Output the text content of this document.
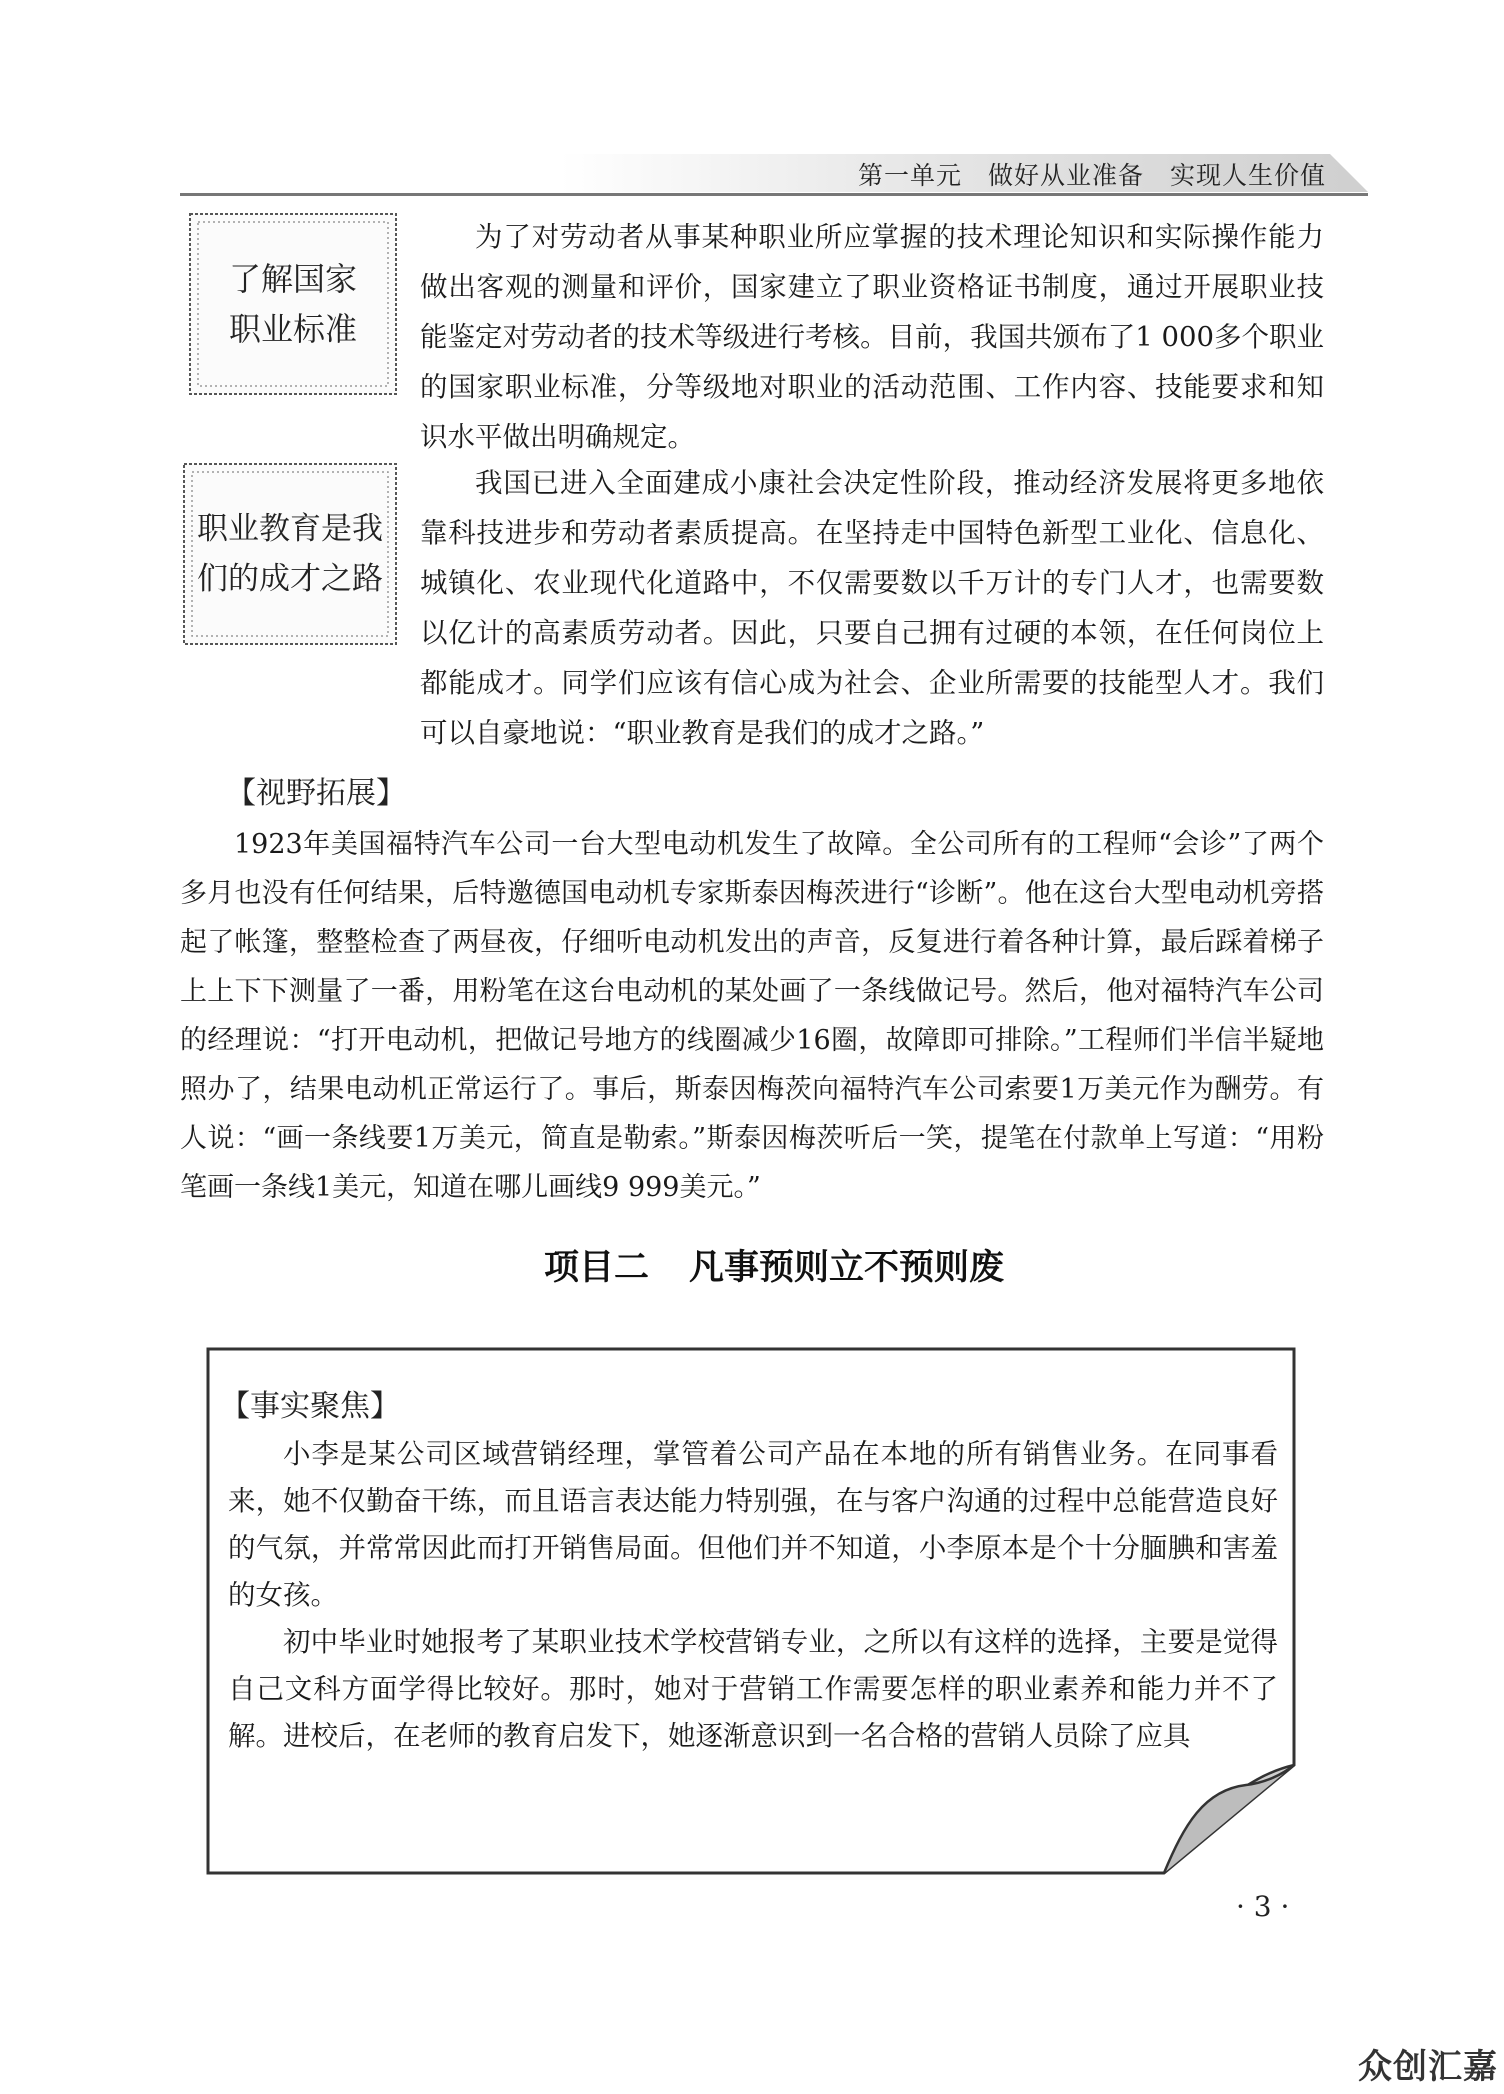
第一单元　做好从业准备　实现人生价值
了解国家
职业标准

为了对劳动者从事某种职业所应掌握的技术理论知识和实际操作能力做出客观的测量和评价，国家建立了职业资格证书制度，通过开展职业技能鉴定对劳动者的技术等级进行考核。目前，我国共颁布了1 000多个职业的国家职业标准，分等级地对职业的活动范围、工作内容、技能要求和知识水平做出明确规定。

职业教育是我
们的成才之路

我国已进入全面建成小康社会决定性阶段，推动经济发展将更多地依靠科技进步和劳动者素质提高。在坚持走中国特色新型工业化、信息化、城镇化、农业现代化道路中，不仅需要数以千万计的专门人才，也需要数以亿计的高素质劳动者。因此，只要自己拥有过硬的本领，在任何岗位上都能成才。同学们应该有信心成为社会、企业所需要的技能型人才。我们可以自豪地说：“职业教育是我们的成才之路。”

【视野拓展】

1923年美国福特汽车公司一台大型电动机发生了故障。全公司所有的工程师“会诊”了两个多月也没有任何结果，后特邀德国电动机专家斯泰因梅茨进行“诊断”。他在这台大型电动机旁搭起了帐篷，整整检查了两昼夜，仔细听电动机发出的声音，反复进行着各种计算，最后踩着梯子上上下下测量了一番，用粉笔在这台电动机的某处画了一条线做记号。然后，他对福特汽车公司的经理说：“打开电动机，把做记号地方的线圈减少16圈，故障即可排除。”工程师们半信半疑地照办了，结果电动机正常运行了。事后，斯泰因梅茨向福特汽车公司索要1万美元作为酬劳。有人说：“画一条线要1万美元，简直是勒索。”斯泰因梅茨听后一笑，提笔在付款单上写道：“用粉笔画一条线1美元，知道在哪儿画线9 999美元。”

项目二 凡事预则立不预则废
【事实聚焦】

小李是某公司区域营销经理，掌管着公司产品在本地的所有销售业务。在同事看来，她不仅勤奋干练，而且语言表达能力特别强，在与客户沟通的过程中总能营造良好的气氛，并常常因此而打开销售局面。但他们并不知道，小李原本是个十分腼腆和害羞的女孩。

初中毕业时她报考了某职业技术学校营销专业，之所以有这样的选择，主要是觉得自己文科方面学得比较好。那时，她对于营销工作需要怎样的职业素养和能力并不了解。进校后，在老师的教育启发下，她逐渐意识到一名合格的营销人员除了应具

· 3 ·
众创汇嘉
